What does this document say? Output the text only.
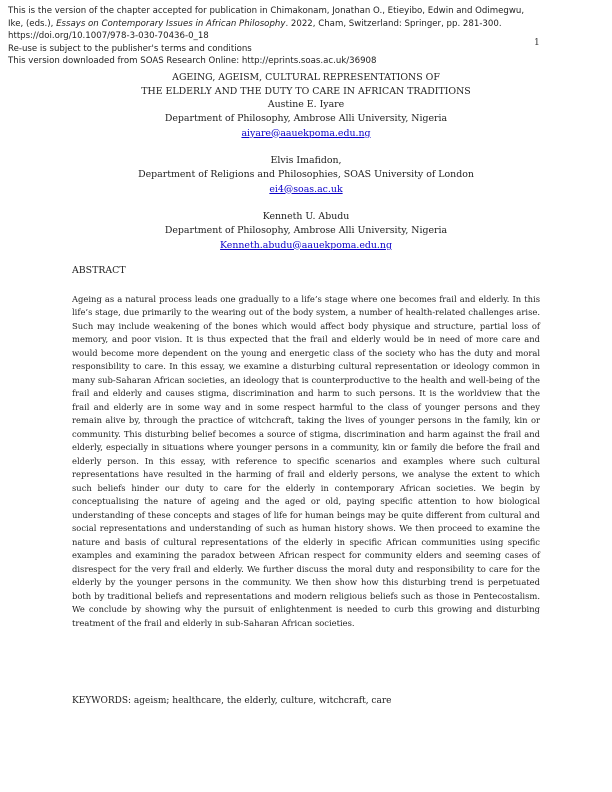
This is the version of the chapter accepted for publication in Chimakonam, Jonathan O., Etieyibo, Edwin and Odimegwu,
Ike, (eds.), Essays on Contemporary Issues in African Philosophy. 2022, Cham, Switzerland: Springer, pp. 281-300.
https://doi.org/10.1007/978-3-030-70436-0_18
Re-use is subject to the publisher's terms and conditions
This version downloaded from SOAS Research Online: http://eprints.soas.ac.uk/36908
1
AGEING, AGEISM, CULTURAL REPRESENTATIONS OF
THE ELDERLY AND THE DUTY TO CARE IN AFRICAN TRADITIONS
Austine E. Iyare
Department of Philosophy, Ambrose Alli University, Nigeria
aiyare@aauekpoma.edu.ng
Elvis Imafidon,
Department of Religions and Philosophies, SOAS University of London
ei4@soas.ac.uk
Kenneth U. Abudu
Department of Philosophy, Ambrose Alli University, Nigeria
Kenneth.abudu@aauekpoma.edu.ng
ABSTRACT

Ageing as a natural process leads one gradually to a life’s stage where one becomes frail and elderly. In this life’s stage, due primarily to the wearing out of the body system, a number of health-related challenges arise. Such may include weakening of the bones which would affect body physique and structure, partial loss of memory, and poor vision. It is thus expected that the frail and elderly would be in need of more care and would become more dependent on the young and energetic class of the society who has the duty and moral responsibility to care. In this essay, we examine a disturbing cultural representation or ideology common in many sub-Saharan African societies, an ideology that is counterproductive to the health and well-being of the frail and elderly and causes stigma, discrimination and harm to such persons. It is the worldview that the frail and elderly are in some way and in some respect harmful to the class of younger persons and they remain alive by, through the practice of witchcraft, taking the lives of younger persons in the family, kin or community. This disturbing belief becomes a source of stigma, discrimination and harm against the frail and elderly, especially in situations where younger persons in a community, kin or family die before the frail and elderly person. In this essay, with reference to specific scenarios and examples where such cultural representations have resulted in the harming of frail and elderly persons, we analyse the extent to which such beliefs hinder our duty to care for the elderly in contemporary African societies. We begin by conceptualising the nature of ageing and the aged or old, paying specific attention to how biological understanding of these concepts and stages of life for human beings may be quite different from cultural and social representations and understanding of such as human history shows. We then proceed to examine the nature and basis of cultural representations of the elderly in specific African communities using specific examples and examining the paradox between African respect for community elders and seeming cases of disrespect for the very frail and elderly. We further discuss the moral duty and responsibility to care for the elderly by the younger persons in the community. We then show how this disturbing trend is perpetuated both by traditional beliefs and representations and modern religious beliefs such as those in Pentecostalism. We conclude by showing why the pursuit of enlightenment is needed to curb this growing and disturbing treatment of the frail and elderly in sub-Saharan African societies.

KEYWORDS: ageism; healthcare, the elderly, culture, witchcraft, care
